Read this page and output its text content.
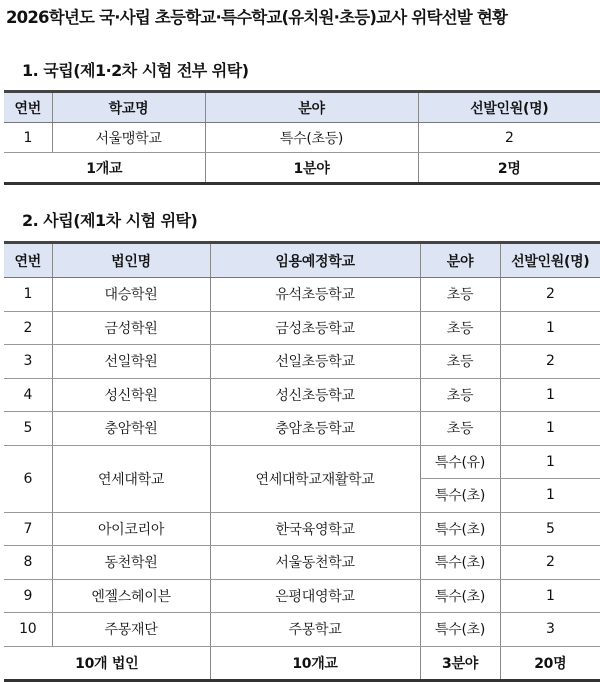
2026학년도 국·사립 초등학교·특수학교(유치원·초등)교사 위탁선발 현황
1. 국립(제1·2차 시험 전부 위탁)
연번	학교명	분야	선발인원(명)
1	서울맹학교	특수(초등)	2
1개교		1분야	2명
2. 사립(제1차 시험 위탁)
연번	법인명	임용예정학교	분야	선발인원(명)
1	대승학원	유석초등학교	초등	2
2	금성학원	금성초등학교	초등	1
3	선일학원	선일초등학교	초등	2
4	성신학원	성신초등학교	초등	1
5	충암학원	충암초등학교	초등	1
6	연세대학교	연세대학교재활학교	특수(유)	1
			특수(초)	1
7	아이코리아	한국육영학교	특수(초)	5
8	동천학원	서울동천학교	특수(초)	2
9	엔젤스헤이븐	은평대영학교	특수(초)	1
10	주몽재단	주몽학교	특수(초)	3
10개 법인		10개교	3분야	20명
